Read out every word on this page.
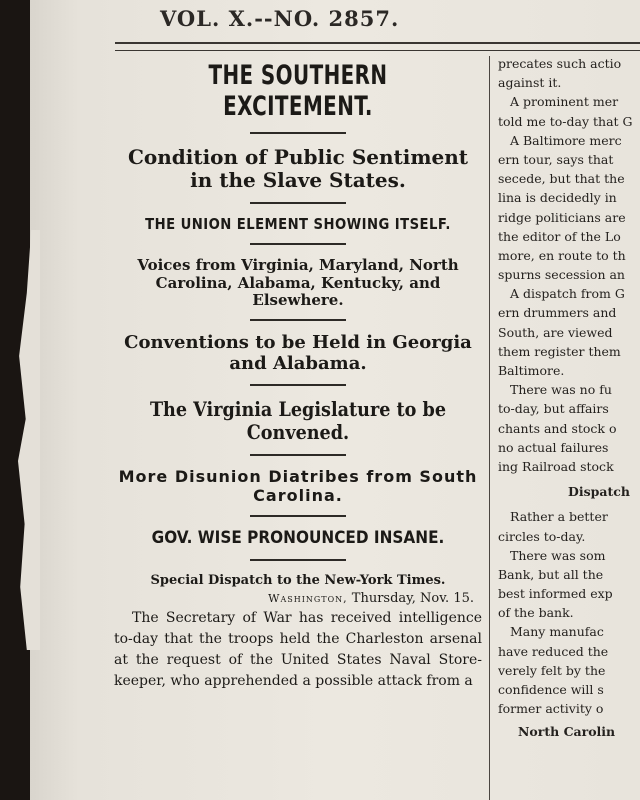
VOL. X.--NO. 2857.
THE SOUTHERN EXCITEMENT.
Condition of Public Sentiment in the Slave States.
THE UNION ELEMENT SHOWING ITSELF.
Voices from Virginia, Maryland, North Carolina, Alabama, Kentucky, and Elsewhere.
Conventions to be Held in Georgia and Alabama.
The Virginia Legislature to be Convened.
More Disunion Diatribes from South Carolina.
GOV. WISE PRONOUNCED INSANE.
Special Dispatch to the New-York Times.
Washington, Thursday, Nov. 15.
The Secretary of War has received intelligence to-day that the troops held the Charleston arsenal at the request of the United States Naval Store-keeper, who apprehended a possible attack from a
precates such actio
against it.
A prominent mer
told me to-day that G
A Baltimore merc
ern tour, says that
secede, but that the
lina is decidedly in
ridge politicians are
the editor of the Lo
more, en route to th
spurns secession an
A dispatch from G
ern drummers and
South, are viewed
them register them
Baltimore.
There was no fu
to-day, but affairs
chants and stock o
no actual failures
ing Railroad stock
Dispatch
Rather a better
circles to-day.
There was som
Bank, but all the
best informed exp
of the bank.
Many manufac
have reduced the
verely felt by the
confidence will s
former activity o
North Carolin
